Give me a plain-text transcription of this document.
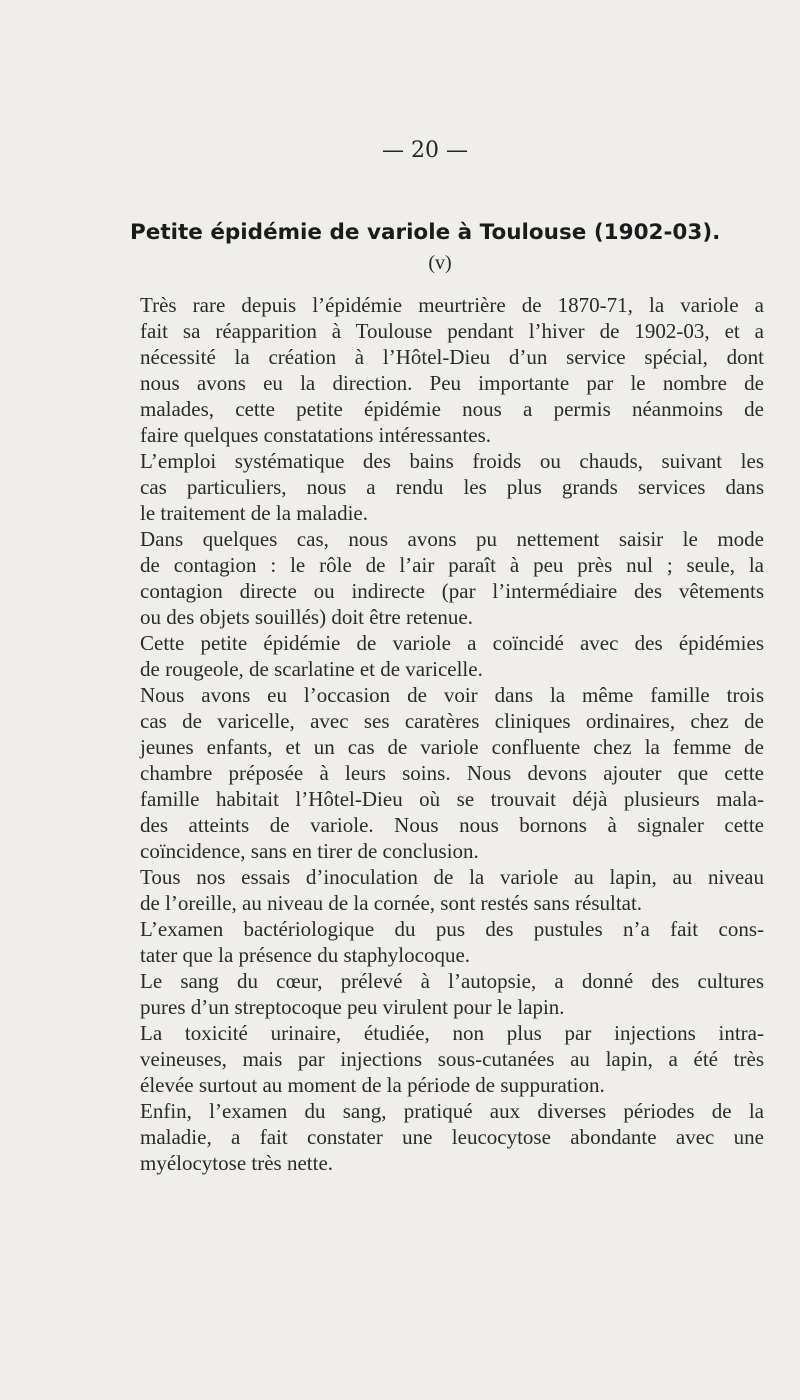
— 20 —
Petite épidémie de variole à Toulouse (1902-03).
(v)

Très rare depuis l’épidémie meurtrière de 1870-71, la variole a
fait sa réapparition à Toulouse pendant l’hiver de 1902-03, et a
nécessité la création à l’Hôtel-Dieu d’un service spécial, dont
nous avons eu la direction. Peu importante par le nombre de
malades, cette petite épidémie nous a permis néanmoins de
faire quelques constatations intéressantes.

L’emploi systématique des bains froids ou chauds, suivant les
cas particuliers, nous a rendu les plus grands services dans
le traitement de la maladie.

Dans quelques cas, nous avons pu nettement saisir le mode
de contagion : le rôle de l’air paraît à peu près nul ; seule, la
contagion directe ou indirecte (par l’intermédiaire des vêtements
ou des objets souillés) doit être retenue.

Cette petite épidémie de variole a coïncidé avec des épidémies
de rougeole, de scarlatine et de varicelle.

Nous avons eu l’occasion de voir dans la même famille trois
cas de varicelle, avec ses caratères cliniques ordinaires, chez de
jeunes enfants, et un cas de variole confluente chez la femme de
chambre préposée à leurs soins. Nous devons ajouter que cette
famille habitait l’Hôtel-Dieu où se trouvait déjà plusieurs mala-
des atteints de variole. Nous nous bornons à signaler cette
coïncidence, sans en tirer de conclusion.

Tous nos essais d’inoculation de la variole au lapin, au niveau
de l’oreille, au niveau de la cornée, sont restés sans résultat.

L’examen bactériologique du pus des pustules n’a fait cons-
tater que la présence du staphylocoque.

Le sang du cœur, prélevé à l’autopsie, a donné des cultures
pures d’un streptocoque peu virulent pour le lapin.

La toxicité urinaire, étudiée, non plus par injections intra-
veineuses, mais par injections sous-cutanées au lapin, a été très
élevée surtout au moment de la période de suppuration.

Enfin, l’examen du sang, pratiqué aux diverses périodes de la
maladie, a fait constater une leucocytose abondante avec une
myélocytose très nette.
